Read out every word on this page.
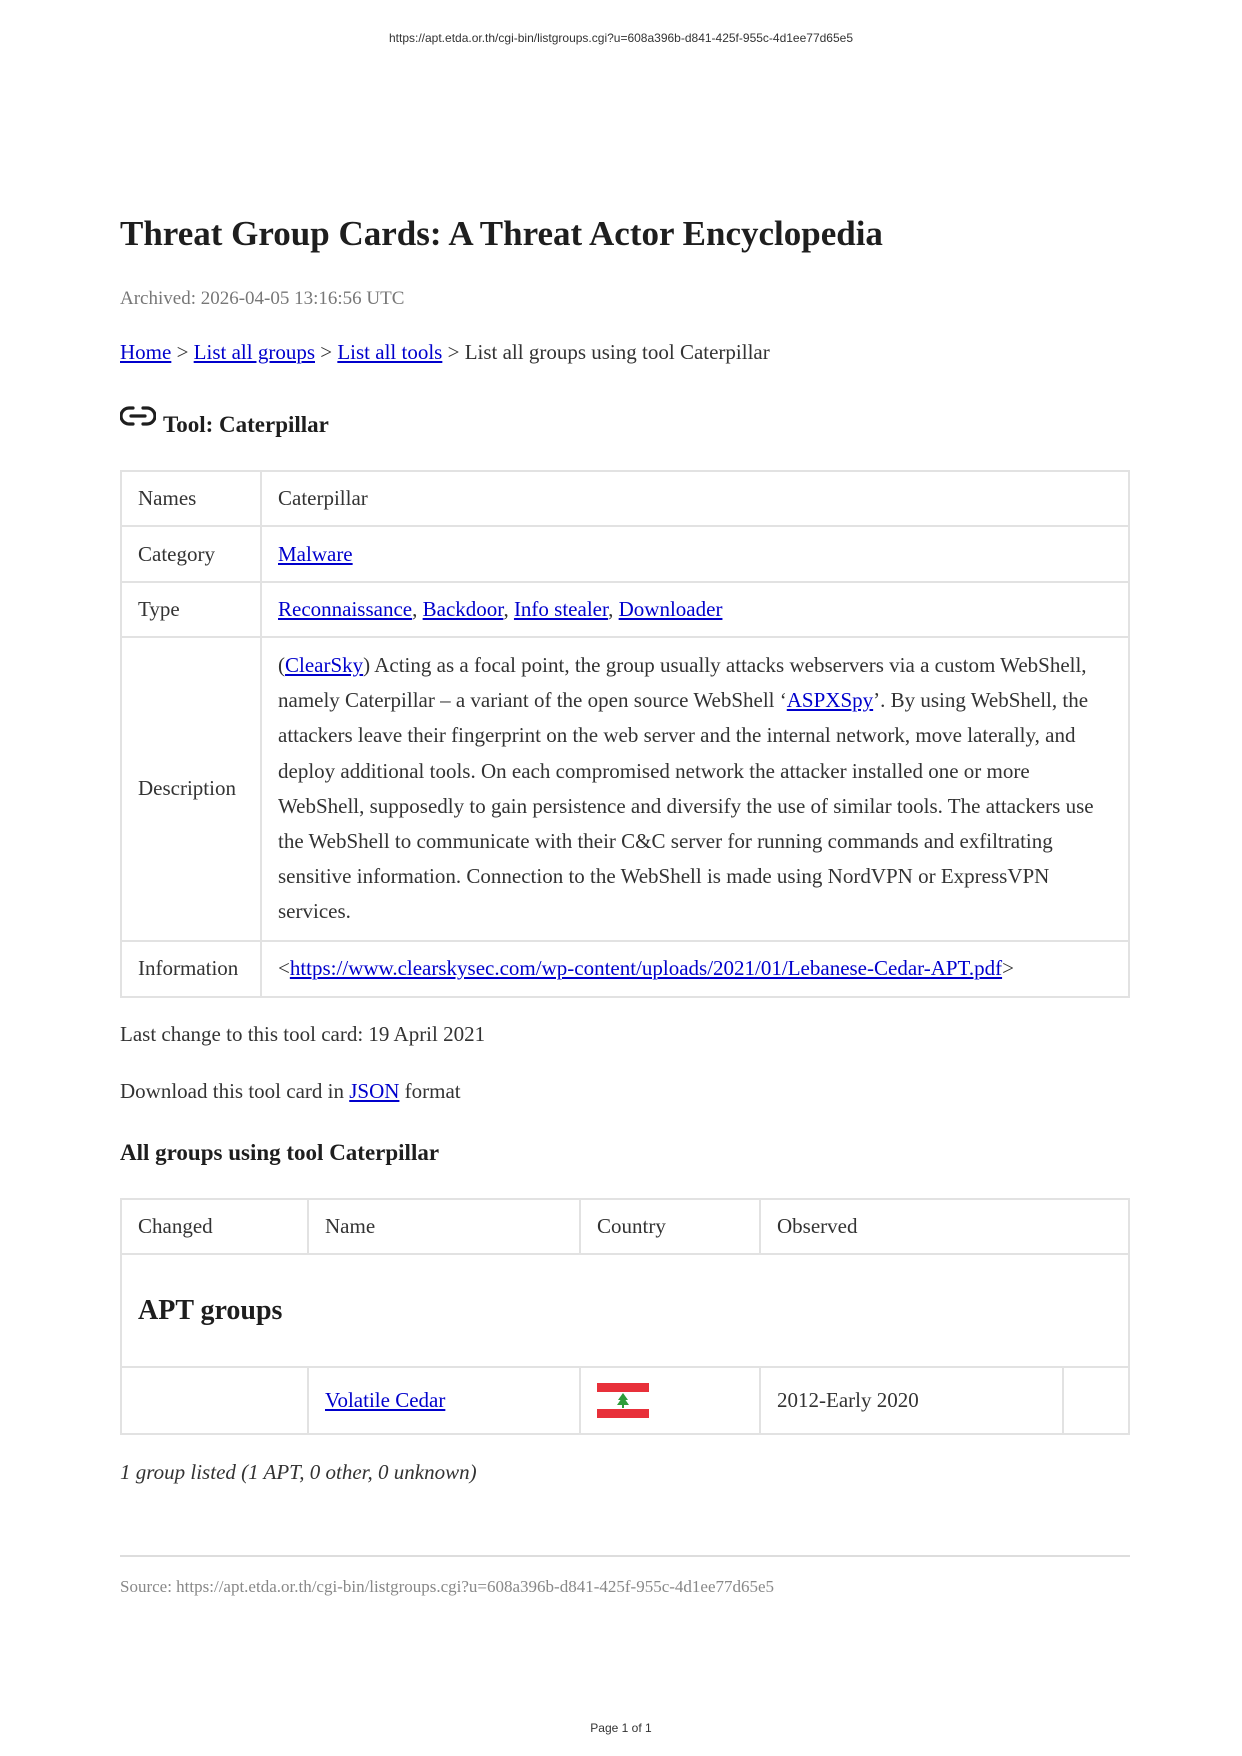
https://apt.etda.or.th/cgi-bin/listgroups.cgi?u=608a396b-d841-425f-955c-4d1ee77d65e5
Threat Group Cards: A Threat Actor Encyclopedia
Archived: 2026-04-05 13:16:56 UTC
Home > List all groups > List all tools > List all groups using tool Caterpillar
Tool: Caterpillar
Names	Caterpillar
Category	Malware
Type	Reconnaissance, Backdoor, Info stealer, Downloader
Description	(ClearSky) Acting as a focal point, the group usually attacks webservers via a custom WebShell, namely Caterpillar – a variant of the open source WebShell ‘ASPXSpy’. By using WebShell, the attackers leave their fingerprint on the web server and the internal network, move laterally, and deploy additional tools. On each compromised network the attacker installed one or more WebShell, supposedly to gain persistence and diversify the use of similar tools. The attackers use the WebShell to communicate with their C&C server for running commands and exfiltrating sensitive information. Connection to the WebShell is made using NordVPN or ExpressVPN services.
Information	<https://www.clearskysec.com/wp-content/uploads/2021/01/Lebanese-Cedar-APT.pdf>
Last change to this tool card: 19 April 2021
Download this tool card in JSON format
All groups using tool Caterpillar
Changed	Name	Country	Observed	
APT groups				
	Volatile Cedar		2012-Early 2020	
1 group listed (1 APT, 0 other, 0 unknown)
Source: https://apt.etda.or.th/cgi-bin/listgroups.cgi?u=608a396b-d841-425f-955c-4d1ee77d65e5
Page 1 of 1
